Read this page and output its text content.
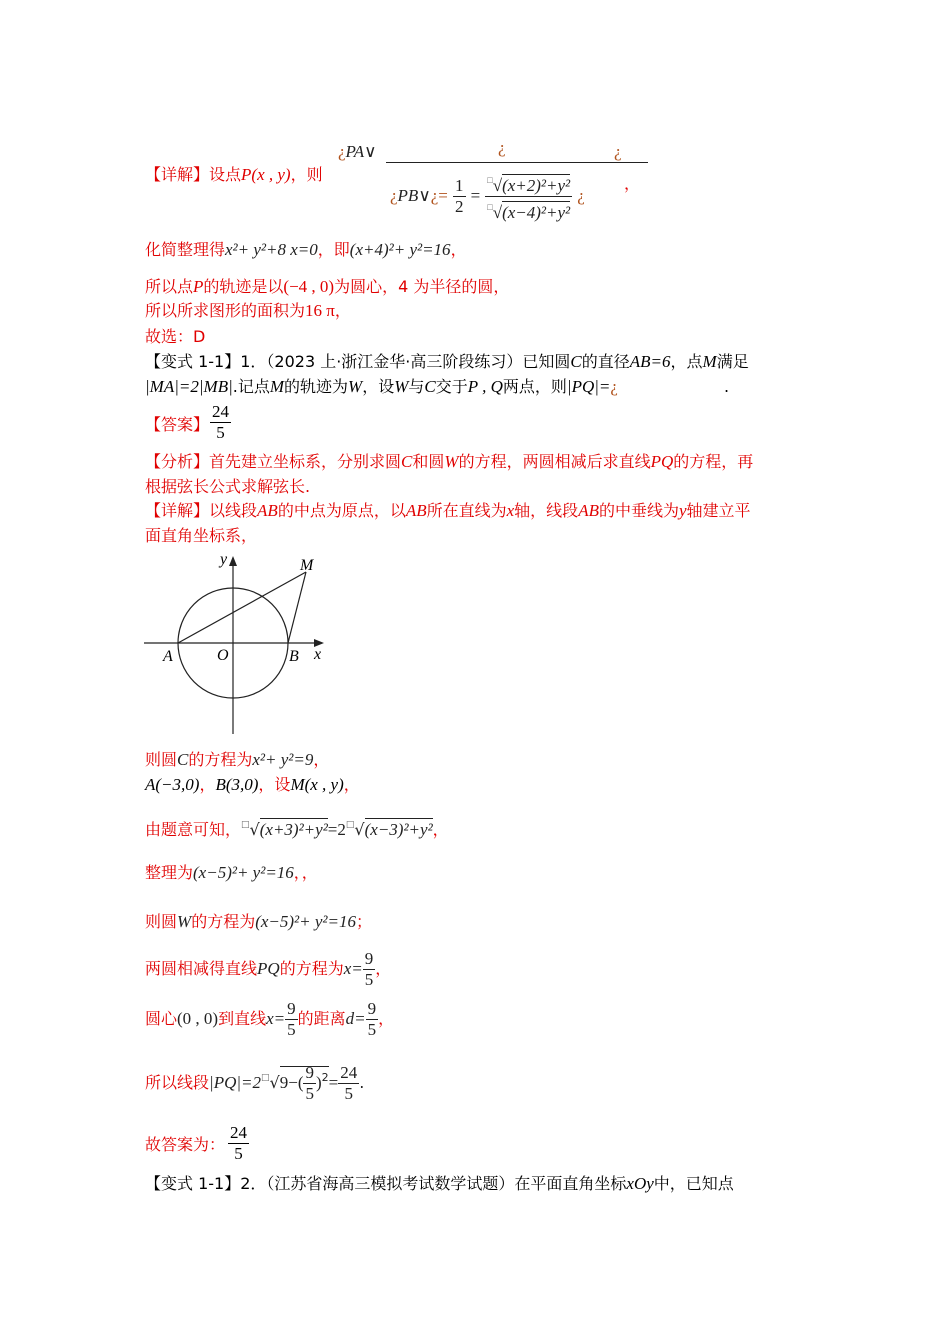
【详解】设点P(x , y)，则
¿PA∨	¿	¿
¿PB∨¿= $\frac{1}{2} = \frac{^□√(x+2)^2+y^2}{^□√(x-4)^2+y^2}$ ¿
，
化简整理得x²+ y²+8 x=0，即(x+4)²+ y²=16，
所以点P的轨迹是以(−4 , 0)为圆心，4 为半径的圆，
所以所求图形的面积为16 π，
故选：D
【变式 1-1】1．（2023 上·浙江金华·高三阶段练习）已知圆C的直径AB=6，点M满足
|MA|=2|MB|.记点M的轨迹为W，设W与C交于P , Q两点，则|PQ|=¿	.
【答案】 $\frac{24}{5}$
【分析】首先建立坐标系，分别求圆C和圆W的方程，两圆相减后求直线PQ的方程，再
根据弦长公式求解弦长.
【详解】以线段AB的中点为原点，以AB所在直线为x轴，线段AB的中垂线为y轴建立平
面直角坐标系，
y	M
A	O	B x
则圆C的方程为x²+ y²=9，
A(−3,0)，B(3,0)，设M(x , y)，
由题意可知，□√(x+3)²+y²=2□√(x−3)²+y²，
整理为(x−5)²+ y²=16，，
则圆W的方程为(x−5)²+ y²=16；
两圆相减得直线PQ的方程为$x= \frac{9}{5}$ ，
圆心(0 , 0)到直线$x= \frac{9}{5}$ 的距离$d= \frac{9}{5}$ ，
所以线段$|PQ|=2^□√9-( \frac{9}{5} )^2= \frac{24}{5}$ .
故答案为： $\frac{24}{5}$
【变式 1-1】2．（江苏省海高三模拟考试数学试题）在平面直角坐标xOy中，已知点
